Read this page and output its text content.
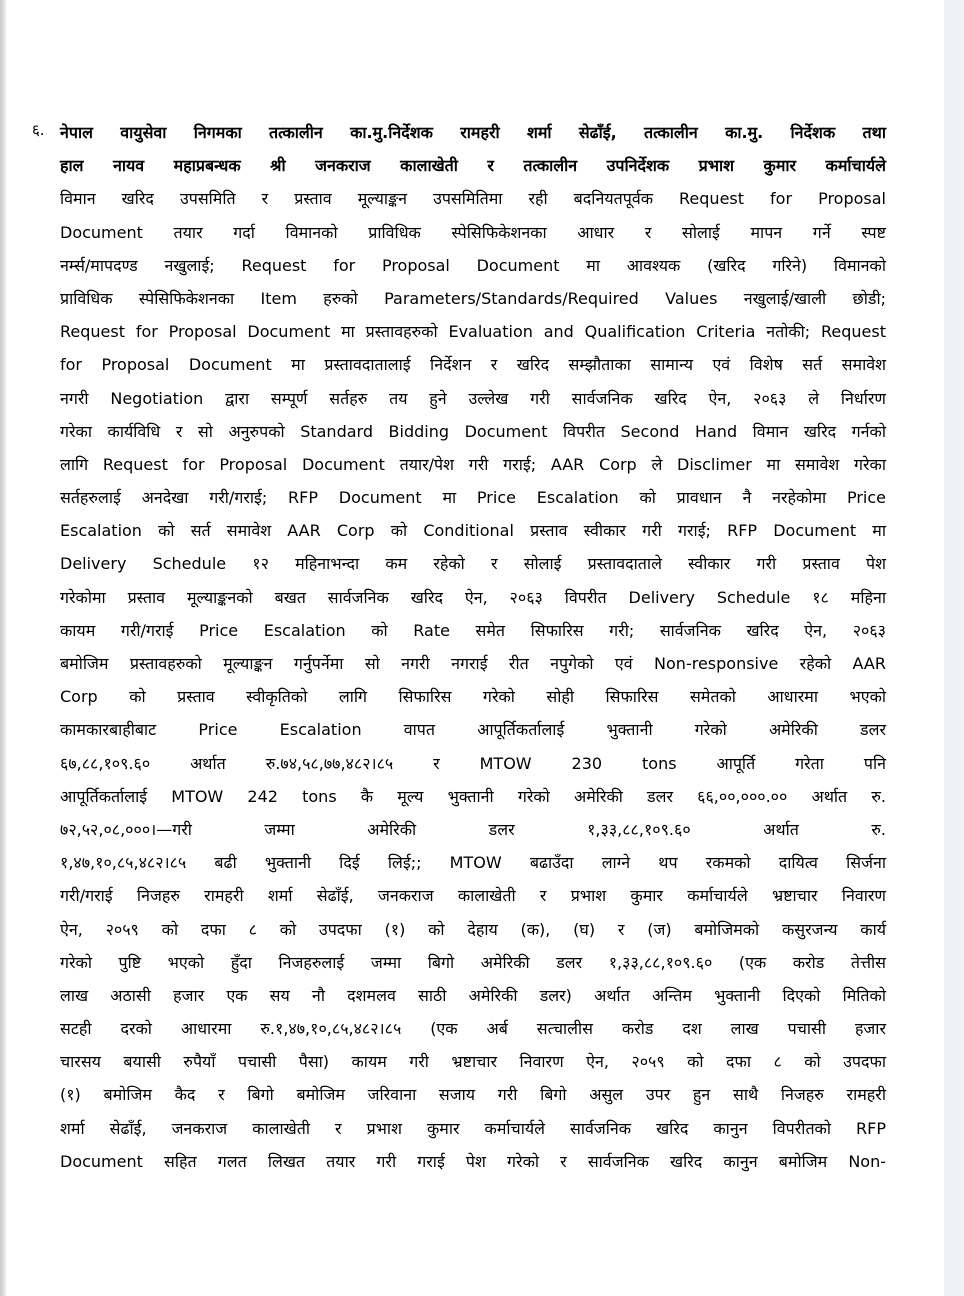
६. नेपाल वायुसेवा निगमका तत्कालीन का.मु.निर्देशक रामहरी शर्मा सेढाँई, तत्कालीन का.मु. निर्देशक तथा
हाल नायव महाप्रबन्धक श्री जनकराज कालाखेती र तत्कालीन उपनिर्देशक प्रभाश कुमार कर्माचार्यले
विमान खरिद उपसमिति र प्रस्ताव मूल्याङ्कन उपसमितिमा रही बदनियतपूर्वक Request for Proposal
Document तयार गर्दा विमानको प्राविधिक स्पेसिफिकेशनका आधार र सोलाई मापन गर्ने स्पष्ट
नर्म्स/मापदण्ड नखुलाई; Request for Proposal Document मा आवश्यक (खरिद गरिने) विमानको
प्राविधिक स्पेसिफिकेशनका Item हरुको Parameters/Standards/Required Values नखुलाई/खाली छोडी;
Request for Proposal Document मा प्रस्तावहरुको Evaluation and Qualification Criteria नतोकी; Request
for Proposal Document मा प्रस्तावदातालाई निर्देशन र खरिद सम्झौताका सामान्य एवं विशेष सर्त समावेश
नगरी Negotiation द्वारा सम्पूर्ण सर्तहरु तय हुने उल्लेख गरी सार्वजनिक खरिद ऐन, २०६३ ले निर्धारण
गरेका कार्यविधि र सो अनुरुपको Standard Bidding Document विपरीत Second Hand विमान खरिद गर्नको
लागि Request for Proposal Document तयार/पेश गरी गराई; AAR Corp ले Disclimer मा समावेश गरेका
सर्तहरुलाई अनदेखा गरी/गराई; RFP Document मा Price Escalation को प्रावधान नै नरहेकोमा Price
Escalation को सर्त समावेश AAR Corp को Conditional प्रस्ताव स्वीकार गरी गराई; RFP Document मा
Delivery Schedule १२ महिनाभन्दा कम रहेको र सोलाई प्रस्तावदाताले स्वीकार गरी प्रस्ताव पेश
गरेकोमा प्रस्ताव मूल्याङ्कनको बखत सार्वजनिक खरिद ऐन, २०६३ विपरीत Delivery Schedule १८ महिना
कायम गरी/गराई Price Escalation को Rate समेत सिफारिस गरी; सार्वजनिक खरिद ऐन, २०६३
बमोजिम प्रस्तावहरुको मूल्याङ्कन गर्नुपर्नेमा सो नगरी नगराई रीत नपुगेको एवं Non-responsive रहेको AAR
Corp को प्रस्ताव स्वीकृतिको लागि सिफारिस गरेको सोही सिफारिस समेतको आधारमा भएको
कामकारबाहीबाट Price Escalation वापत आपूर्तिकर्तालाई भुक्तानी गरेको अमेरिकी डलर
६७,८८,१०९.६० अर्थात रु.७४,५८,७७,४८२।८५ र MTOW 230 tons आपूर्ति गरेता पनि
आपूर्तिकर्तालाई MTOW 242 tons कै मूल्य भुक्तानी गरेको अमेरिकी डलर ६६,००,०००.०० अर्थात रु.
७२,५२,०८,०००।—गरी जम्मा अमेरिकी डलर १,३३,८८,१०९.६० अर्थात रु.
१,४७,१०,८५,४८२।८५ बढी भुक्तानी दिई लिई;; MTOW बढाउँदा लाग्ने थप रकमको दायित्व सिर्जना
गरी/गराई निजहरु रामहरी शर्मा सेढाँई, जनकराज कालाखेती र प्रभाश कुमार कर्माचार्यले भ्रष्टाचार निवारण
ऐन, २०५९ को दफा ८ को उपदफा (१) को देहाय (क), (घ) र (ज) बमोजिमको कसुरजन्य कार्य
गरेको पुष्टि भएको हुँदा निजहरुलाई जम्मा बिगो अमेरिकी डलर १,३३,८८,१०९.६० (एक करोड तेत्तीस
लाख अठासी हजार एक सय नौ दशमलव साठी अमेरिकी डलर) अर्थात अन्तिम भुक्तानी दिएको मितिको
सटही दरको आधारमा रु.१,४७,१०,८५,४८२।८५ (एक अर्ब सत्चालीस करोड दश लाख पचासी हजार
चारसय बयासी रुपैयाँ पचासी पैसा) कायम गरी भ्रष्टाचार निवारण ऐन, २०५९ को दफा ८ को उपदफा
(१) बमोजिम कैद र बिगो बमोजिम जरिवाना सजाय गरी बिगो असुल उपर हुन साथै निजहरु रामहरी
शर्मा सेढाँई, जनकराज कालाखेती र प्रभाश कुमार कर्माचार्यले सार्वजनिक खरिद कानुन विपरीतको RFP
Document सहित गलत लिखत तयार गरी गराई पेश गरेको र सार्वजनिक खरिद कानुन बमोजिम Non-
